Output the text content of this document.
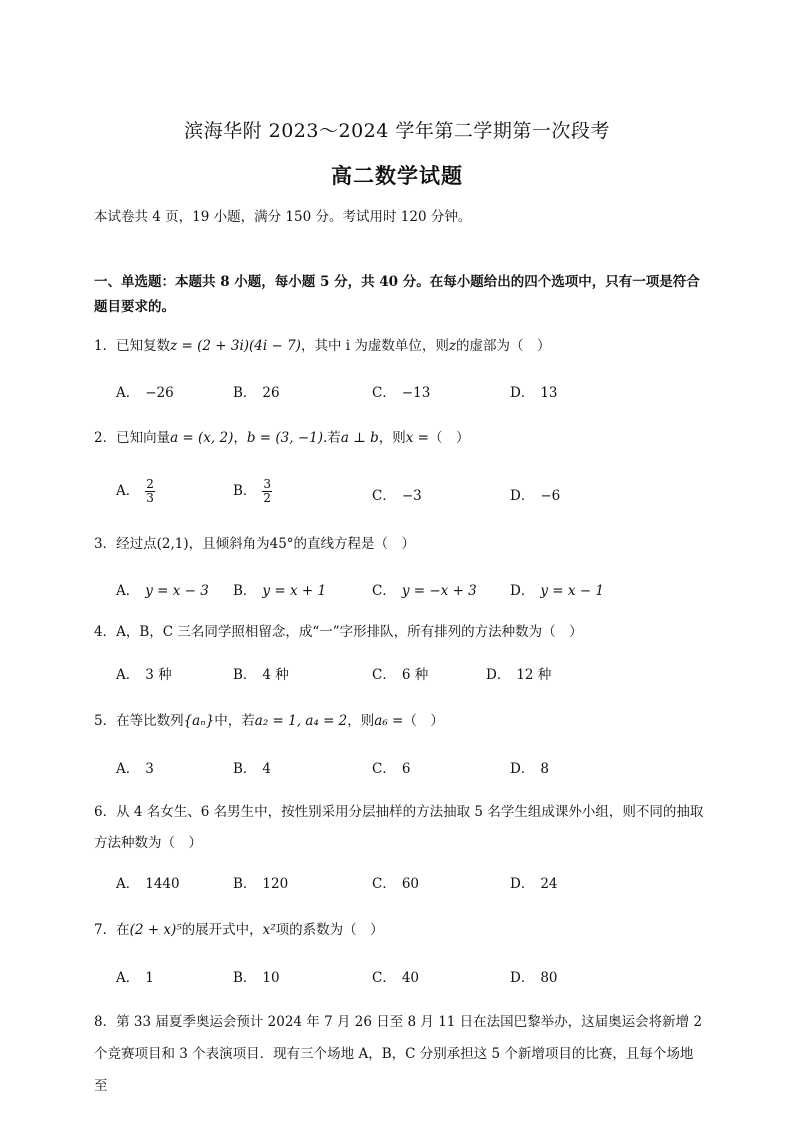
滨海华附 2023～2024 学年第二学期第一次段考
高二数学试题
本试卷共 4 页，19 小题，满分 150 分。考试用时 120 分钟。
一、单选题：本题共 8 小题，每小题 5 分，共 40 分。在每小题给出的四个选项中，只有一项是符合题目要求的。
1．已知复数z = (2 + 3i)(4i − 7)，其中 i 为虚数单位，则z的虚部为（　）
A． −26	B． 26	C． −13	D． 13
2．已知向量a = (x, 2)，b = (3, −1).若a ⊥ b，则x =（　）
A． $\frac{2}{3}$	B． $\frac{3}{2}$	C． −3	D． −6
3．经过点(2,1)，且倾斜角为45°的直线方程是（　）
A． y = x − 3 B． y = x + 1	C． y = −x + 3 D． y = x − 1
4．A，B，C 三名同学照相留念，成“一”字形排队，所有排列的方法种数为（　）
A． 3 种	B． 4 种	C． 6 种	D． 12 种
5．在等比数列{aₙ}中，若a₂ = 1, a₄ = 2，则a₆ =（　）
A． 3	B． 4	C． 6	D． 8
6．从 4 名女生、6 名男生中，按性别采用分层抽样的方法抽取 5 名学生组成课外小组，则不同的抽取方法种数为（　）
A． 1440	B． 120	C． 60	D． 24
7．在(2 + x)⁵的展开式中，x²项的系数为（　）
A． 1	B． 10	C． 40	D． 80
8．第 33 届夏季奥运会预计 2024 年 7 月 26 日至 8 月 11 日在法国巴黎举办，这届奥运会将新增 2 个竞赛项目和 3 个表演项目．现有三个场地 A，B，C 分别承担这 5 个新增项目的比赛，且每个场地至
